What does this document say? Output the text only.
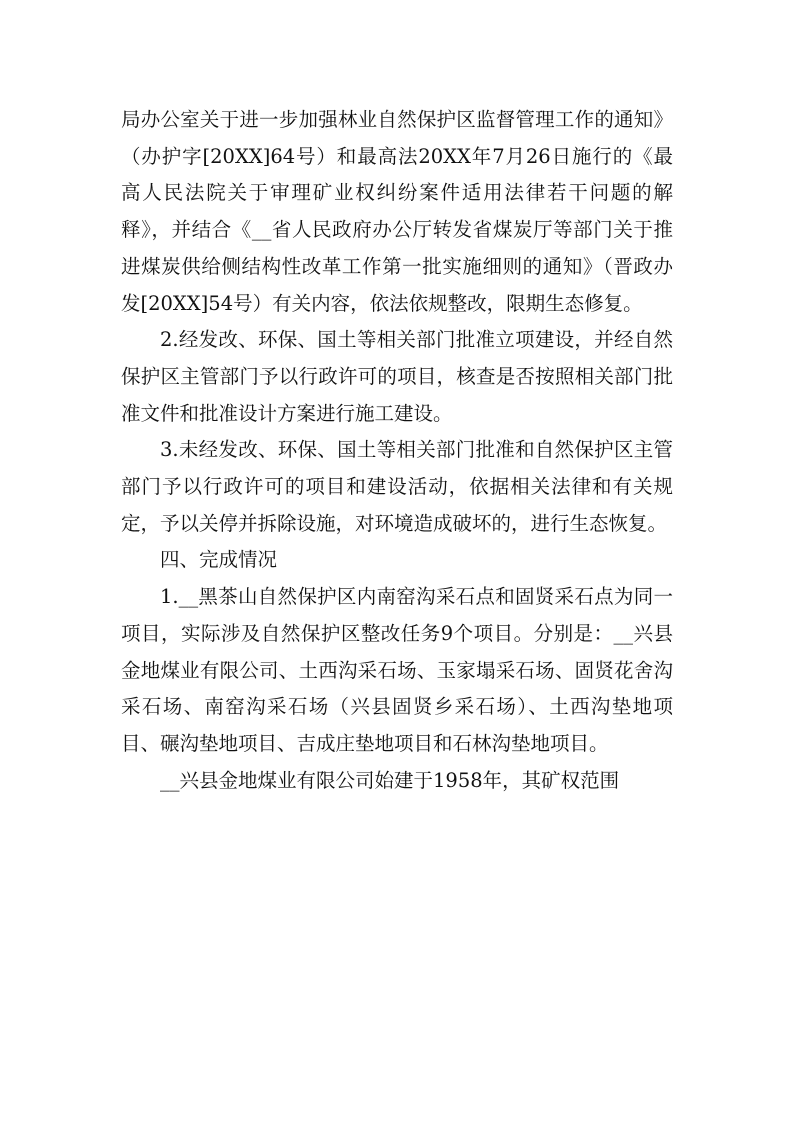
局办公室关于进一步加强林业自然保护区监督管理工作的通知》（办护字[20XX]64号）和最高法20XX年7月26日施行的《最高人民法院关于审理矿业权纠纷案件适用法律若干问题的解释》，并结合《__省人民政府办公厅转发省煤炭厅等部门关于推进煤炭供给侧结构性改革工作第一批实施细则的通知》（晋政办发[20XX]54号）有关内容，依法依规整改，限期生态修复。

2.经发改、环保、国土等相关部门批准立项建设，并经自然保护区主管部门予以行政许可的项目，核查是否按照相关部门批准文件和批准设计方案进行施工建设。

3.未经发改、环保、国土等相关部门批准和自然保护区主管部门予以行政许可的项目和建设活动，依据相关法律和有关规定，予以关停并拆除设施，对环境造成破坏的，进行生态恢复。

四、完成情况

1.__黑茶山自然保护区内南窑沟采石点和固贤采石点为同一项目，实际涉及自然保护区整改任务9个项目。分别是：__兴县金地煤业有限公司、土西沟采石场、玉家塌采石场、固贤花舍沟采石场、南窑沟采石场（兴县固贤乡采石场）、土西沟垫地项目、碾沟垫地项目、吉成庄垫地项目和石林沟垫地项目。

__兴县金地煤业有限公司始建于1958年，其矿权范围
